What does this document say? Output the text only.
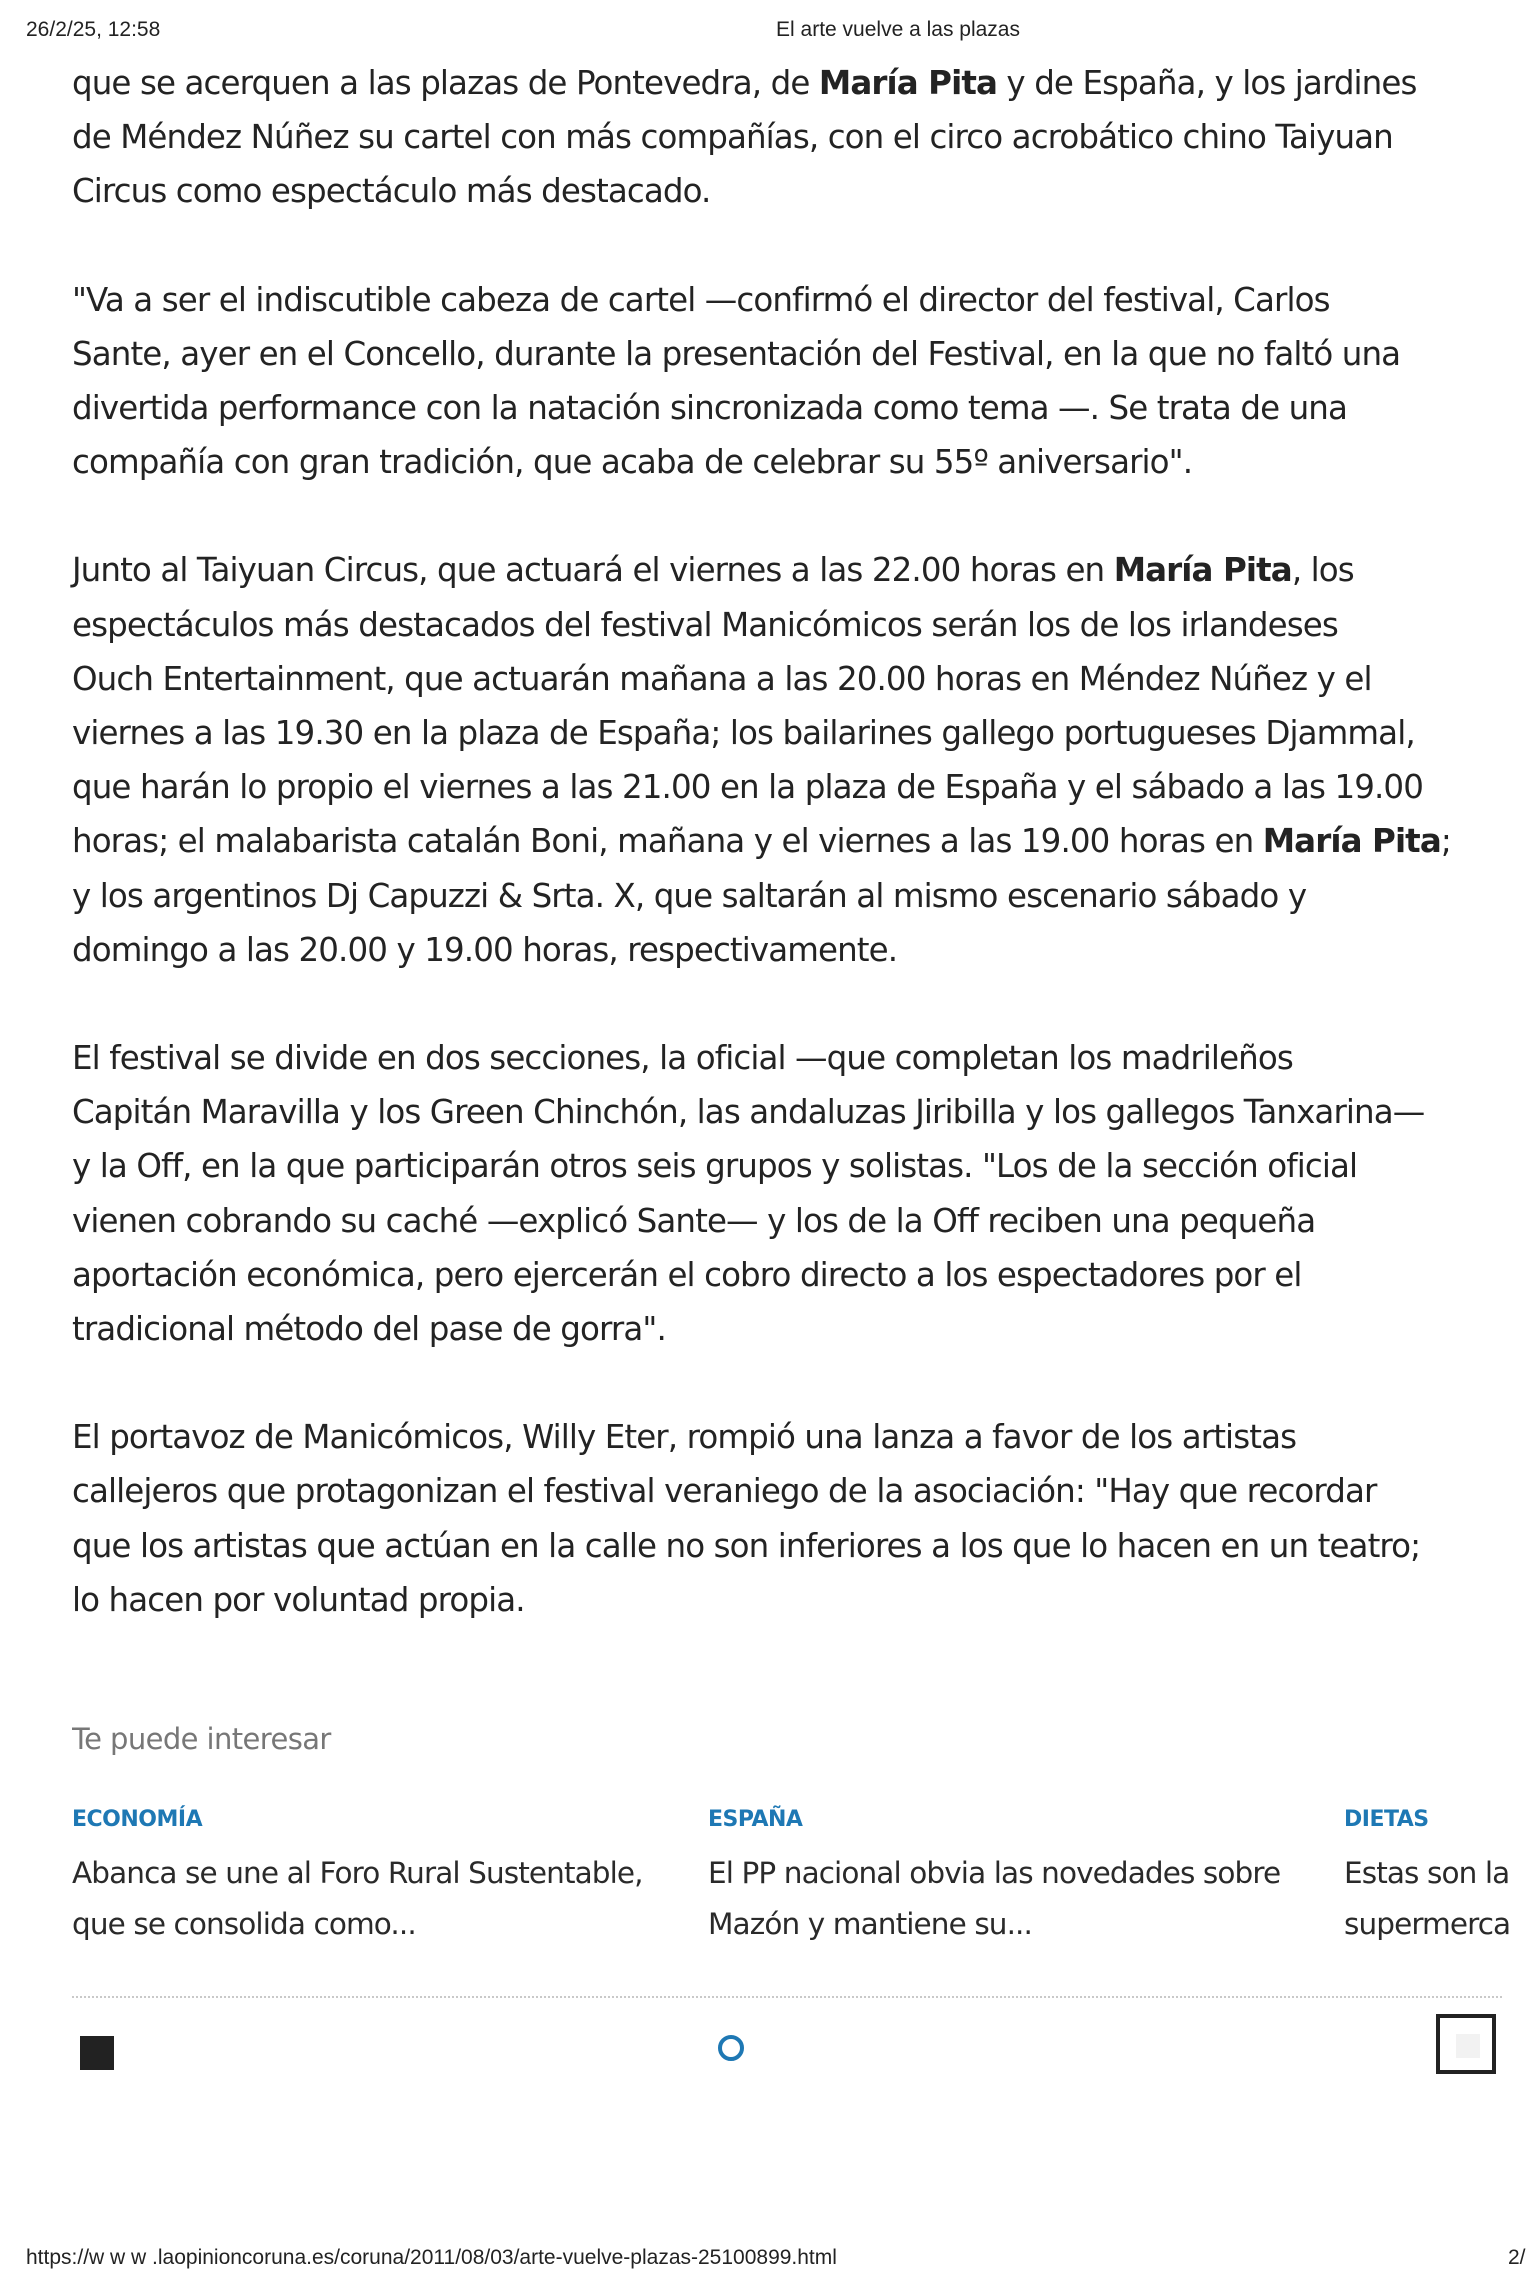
26/2/25, 12:58	El arte vuelve a las plazas

que se acerquen a las plazas de Pontevedra, de María Pita y de España, y los jardines
de Méndez Núñez su cartel con más compañías, con el circo acrobático chino Taiyuan
Circus como espectáculo más destacado.

"Va a ser el indiscutible cabeza de cartel —confirmó el director del festival, Carlos
Sante, ayer en el Concello, durante la presentación del Festival, en la que no faltó una
divertida performance con la natación sincronizada como tema —. Se trata de una
compañía con gran tradición, que acaba de celebrar su 55º aniversario".

Junto al Taiyuan Circus, que actuará el viernes a las 22.00 horas en María Pita, los
espectáculos más destacados del festival Manicómicos serán los de los irlandeses
Ouch Entertainment, que actuarán mañana a las 20.00 horas en Méndez Núñez y el
viernes a las 19.30 en la plaza de España; los bailarines gallego portugueses Djammal,
que harán lo propio el viernes a las 21.00 en la plaza de España y el sábado a las 19.00
horas; el malabarista catalán Boni, mañana y el viernes a las 19.00 horas en María Pita;
y los argentinos Dj Capuzzi & Srta. X, que saltarán al mismo escenario sábado y
domingo a las 20.00 y 19.00 horas, respectivamente.

El festival se divide en dos secciones, la oficial —que completan los madrileños
Capitán Maravilla y los Green Chinchón, las andaluzas Jiribilla y los gallegos Tanxarina—
y la Off, en la que participarán otros seis grupos y solistas. "Los de la sección oficial
vienen cobrando su caché —explicó Sante— y los de la Off reciben una pequeña
aportación económica, pero ejercerán el cobro directo a los espectadores por el
tradicional método del pase de gorra".

El portavoz de Manicómicos, Willy Eter, rompió una lanza a favor de los artistas
callejeros que protagonizan el festival veraniego de la asociación: "Hay que recordar
que los artistas que actúan en la calle no son inferiores a los que lo hacen en un teatro;
lo hacen por voluntad propia.

Te puede interesar
ECONOMÍA
Abanca se une al Foro Rural Sustentable,
que se consolida como...
ESPAÑA
El PP nacional obvia las novedades sobre
Mazón y mantiene su...
DIETAS
Estas son la
supermerca
https://w w w .laopinioncoruna.es/coruna/2011/08/03/arte-vuelve-plazas-25100899.html	2/
